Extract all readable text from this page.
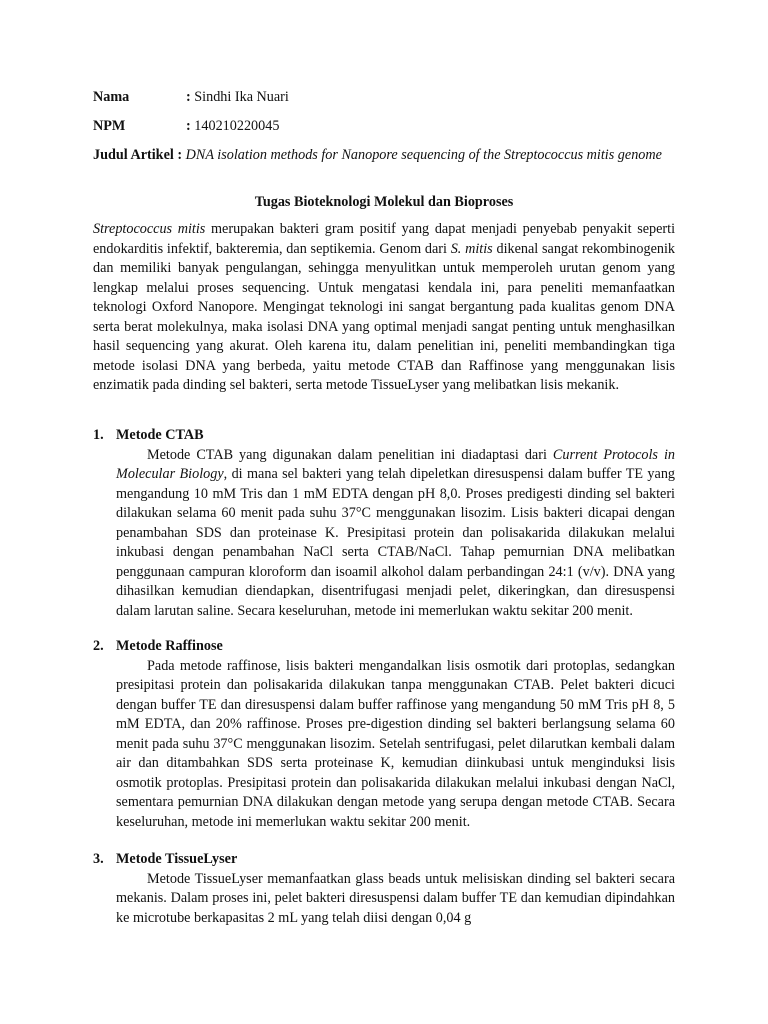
Nama	: Sindhi Ika Nuari
NPM	: 140210220045
Judul Artikel : DNA isolation methods for Nanopore sequencing of the Streptococcus mitis genome
Tugas Bioteknologi Molekul dan Bioproses

Streptococcus mitis merupakan bakteri gram positif yang dapat menjadi penyebab penyakit seperti endokarditis infektif, bakteremia, dan septikemia. Genom dari S. mitis dikenal sangat rekombinogenik dan memiliki banyak pengulangan, sehingga menyulitkan untuk memperoleh urutan genom yang lengkap melalui proses sequencing. Untuk mengatasi kendala ini, para peneliti memanfaatkan teknologi Oxford Nanopore. Mengingat teknologi ini sangat bergantung pada kualitas genom DNA serta berat molekulnya, maka isolasi DNA yang optimal menjadi sangat penting untuk menghasilkan hasil sequencing yang akurat. Oleh karena itu, dalam penelitian ini, peneliti membandingkan tiga metode isolasi DNA yang berbeda, yaitu metode CTAB dan Raffinose yang menggunakan lisis enzimatik pada dinding sel bakteri, serta metode TissueLyser yang melibatkan lisis mekanik.

1. Metode CTAB

Metode CTAB yang digunakan dalam penelitian ini diadaptasi dari Current Protocols in Molecular Biology, di mana sel bakteri yang telah dipeletkan diresuspensi dalam buffer TE yang mengandung 10 mM Tris dan 1 mM EDTA dengan pH 8,0. Proses predigesti dinding sel bakteri dilakukan selama 60 menit pada suhu 37°C menggunakan lisozim. Lisis bakteri dicapai dengan penambahan SDS dan proteinase K. Presipitasi protein dan polisakarida dilakukan melalui inkubasi dengan penambahan NaCl serta CTAB/NaCl. Tahap pemurnian DNA melibatkan penggunaan campuran kloroform dan isoamil alkohol dalam perbandingan 24:1 (v/v). DNA yang dihasilkan kemudian diendapkan, disentrifugasi menjadi pelet, dikeringkan, dan diresuspensi dalam larutan saline. Secara keseluruhan, metode ini memerlukan waktu sekitar 200 menit.

2. Metode Raffinose

Pada metode raffinose, lisis bakteri mengandalkan lisis osmotik dari protoplas, sedangkan presipitasi protein dan polisakarida dilakukan tanpa menggunakan CTAB. Pelet bakteri dicuci dengan buffer TE dan diresuspensi dalam buffer raffinose yang mengandung 50 mM Tris pH 8, 5 mM EDTA, dan 20% raffinose. Proses pre-digestion dinding sel bakteri berlangsung selama 60 menit pada suhu 37°C menggunakan lisozim. Setelah sentrifugasi, pelet dilarutkan kembali dalam air dan ditambahkan SDS serta proteinase K, kemudian diinkubasi untuk menginduksi lisis osmotik protoplas. Presipitasi protein dan polisakarida dilakukan melalui inkubasi dengan NaCl, sementara pemurnian DNA dilakukan dengan metode yang serupa dengan metode CTAB. Secara keseluruhan, metode ini memerlukan waktu sekitar 200 menit.

3. Metode TissueLyser

Metode TissueLyser memanfaatkan glass beads untuk melisiskan dinding sel bakteri secara mekanis. Dalam proses ini, pelet bakteri diresuspensi dalam buffer TE dan kemudian dipindahkan ke microtube berkapasitas 2 mL yang telah diisi dengan 0,04 g
